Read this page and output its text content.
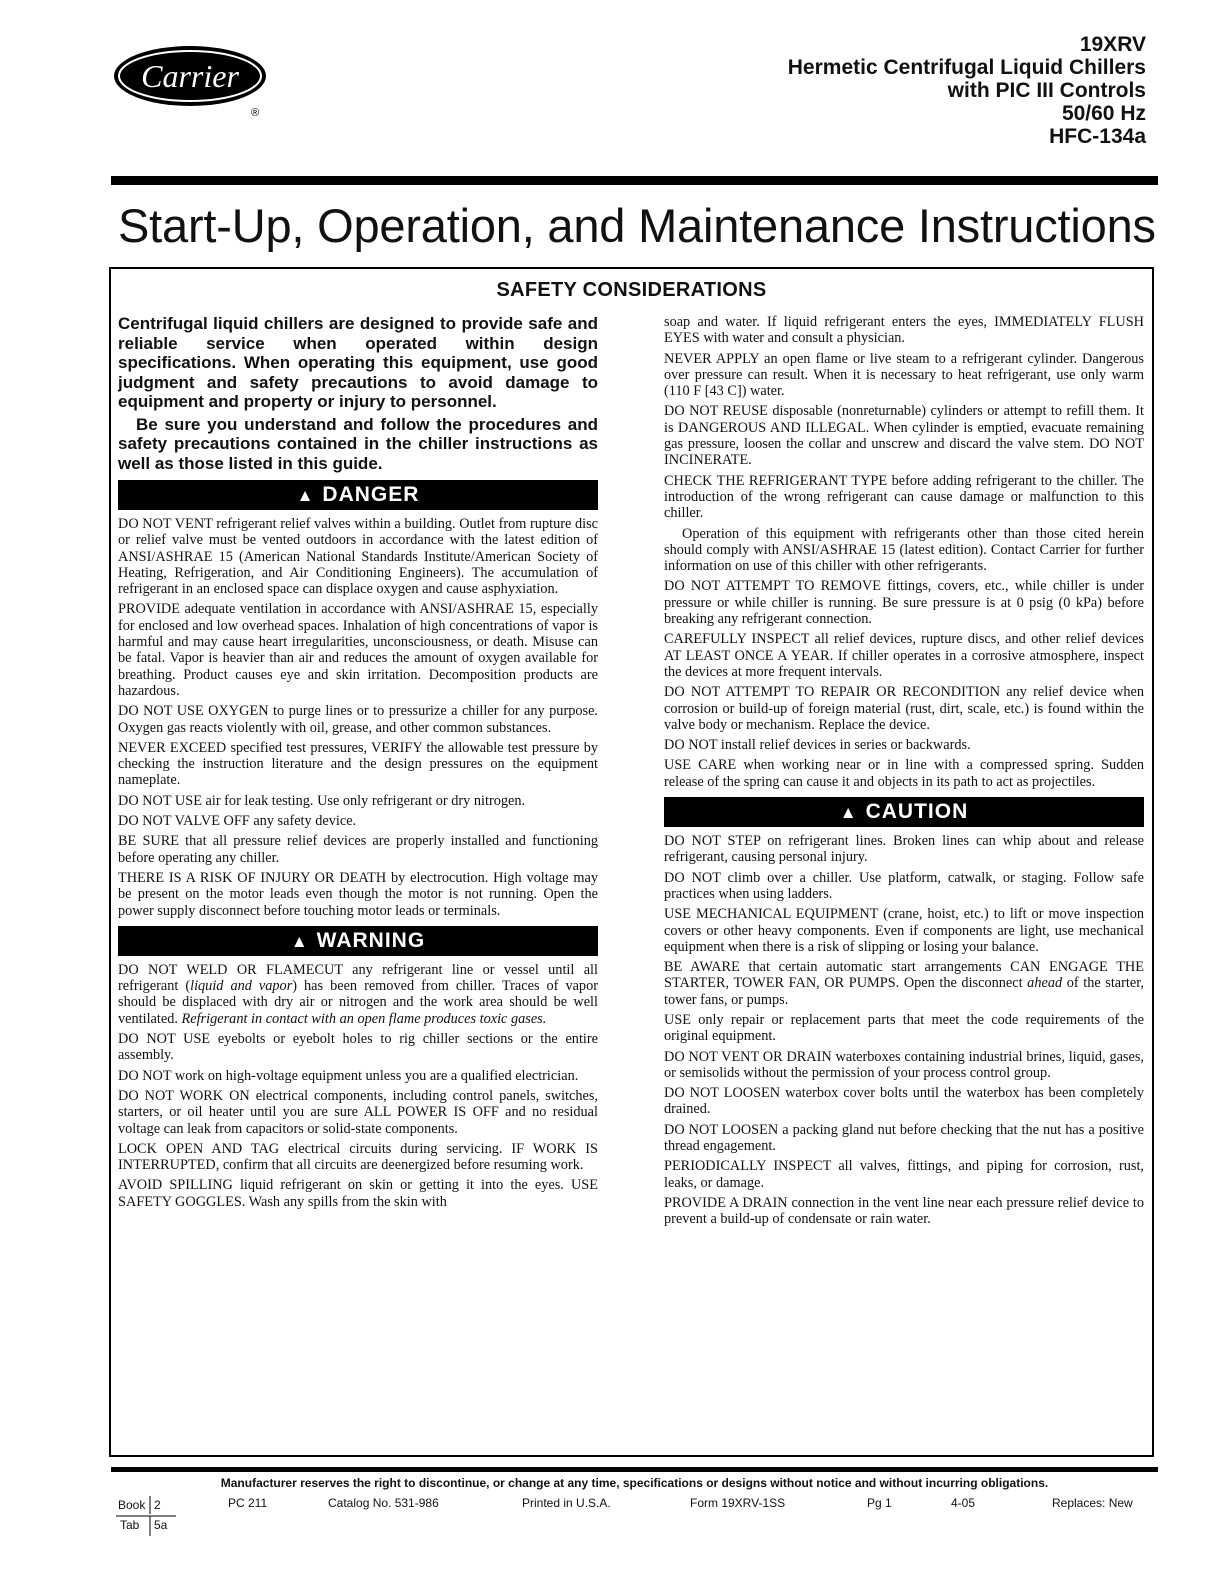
Carrier
®
19XRV
Hermetic Centrifugal Liquid Chillers
with PIC III Controls
50/60 Hz
HFC-134a
Start-Up, Operation, and Maintenance Instructions
SAFETY CONSIDERATIONS

Centrifugal liquid chillers are designed to provide safe and reliable service when operated within design specifications. When operating this equipment, use good judgment and safety precautions to avoid damage to equipment and property or injury to personnel.

Be sure you understand and follow the procedures and safety precautions contained in the chiller instructions as well as those listed in this guide.

▲ DANGER

DO NOT VENT refrigerant relief valves within a building. Outlet from rupture disc or relief valve must be vented outdoors in accordance with the latest edition of ANSI/ASHRAE 15 (American National Standards Institute/American Society of Heating, Refrigeration, and Air Conditioning Engineers). The accumulation of refrigerant in an enclosed space can displace oxygen and cause asphyxiation.

PROVIDE adequate ventilation in accordance with ANSI/ASHRAE 15, especially for enclosed and low overhead spaces. Inhalation of high concentrations of vapor is harmful and may cause heart irregularities, unconsciousness, or death. Misuse can be fatal. Vapor is heavier than air and reduces the amount of oxygen available for breathing. Product causes eye and skin irritation. Decomposition products are hazardous.

DO NOT USE OXYGEN to purge lines or to pressurize a chiller for any purpose. Oxygen gas reacts violently with oil, grease, and other common substances.

NEVER EXCEED specified test pressures, VERIFY the allowable test pressure by checking the instruction literature and the design pressures on the equipment nameplate.

DO NOT USE air for leak testing. Use only refrigerant or dry nitrogen.

DO NOT VALVE OFF any safety device.

BE SURE that all pressure relief devices are properly installed and functioning before operating any chiller.

THERE IS A RISK OF INJURY OR DEATH by electrocution. High voltage may be present on the motor leads even though the motor is not running. Open the power supply disconnect before touching motor leads or terminals.

▲ WARNING

DO NOT WELD OR FLAMECUT any refrigerant line or vessel until all refrigerant (liquid and vapor) has been removed from chiller. Traces of vapor should be displaced with dry air or nitrogen and the work area should be well ventilated. Refrigerant in contact with an open flame produces toxic gases.

DO NOT USE eyebolts or eyebolt holes to rig chiller sections or the entire assembly.

DO NOT work on high-voltage equipment unless you are a qualified electrician.

DO NOT WORK ON electrical components, including control panels, switches, starters, or oil heater until you are sure ALL POWER IS OFF and no residual voltage can leak from capacitors or solid-state components.

LOCK OPEN AND TAG electrical circuits during servicing. IF WORK IS INTERRUPTED, confirm that all circuits are deenergized before resuming work.

AVOID SPILLING liquid refrigerant on skin or getting it into the eyes. USE SAFETY GOGGLES. Wash any spills from the skin with

soap and water. If liquid refrigerant enters the eyes, IMMEDIATELY FLUSH EYES with water and consult a physician.

NEVER APPLY an open flame or live steam to a refrigerant cylinder. Dangerous over pressure can result. When it is necessary to heat refrigerant, use only warm (110 F [43 C]) water.

DO NOT REUSE disposable (nonreturnable) cylinders or attempt to refill them. It is DANGEROUS AND ILLEGAL. When cylinder is emptied, evacuate remaining gas pressure, loosen the collar and unscrew and discard the valve stem. DO NOT INCINERATE.

CHECK THE REFRIGERANT TYPE before adding refrigerant to the chiller. The introduction of the wrong refrigerant can cause damage or malfunction to this chiller.

Operation of this equipment with refrigerants other than those cited herein should comply with ANSI/ASHRAE 15 (latest edition). Contact Carrier for further information on use of this chiller with other refrigerants.

DO NOT ATTEMPT TO REMOVE fittings, covers, etc., while chiller is under pressure or while chiller is running. Be sure pressure is at 0 psig (0 kPa) before breaking any refrigerant connection.

CAREFULLY INSPECT all relief devices, rupture discs, and other relief devices AT LEAST ONCE A YEAR. If chiller operates in a corrosive atmosphere, inspect the devices at more frequent intervals.

DO NOT ATTEMPT TO REPAIR OR RECONDITION any relief device when corrosion or build-up of foreign material (rust, dirt, scale, etc.) is found within the valve body or mechanism. Replace the device.

DO NOT install relief devices in series or backwards.

USE CARE when working near or in line with a compressed spring. Sudden release of the spring can cause it and objects in its path to act as projectiles.

▲ CAUTION

DO NOT STEP on refrigerant lines. Broken lines can whip about and release refrigerant, causing personal injury.

DO NOT climb over a chiller. Use platform, catwalk, or staging. Follow safe practices when using ladders.

USE MECHANICAL EQUIPMENT (crane, hoist, etc.) to lift or move inspection covers or other heavy components. Even if components are light, use mechanical equipment when there is a risk of slipping or losing your balance.

BE AWARE that certain automatic start arrangements CAN ENGAGE THE STARTER, TOWER FAN, OR PUMPS. Open the disconnect ahead of the starter, tower fans, or pumps.

USE only repair or replacement parts that meet the code requirements of the original equipment.

DO NOT VENT OR DRAIN waterboxes containing industrial brines, liquid, gases, or semisolids without the permission of your process control group.

DO NOT LOOSEN waterbox cover bolts until the waterbox has been completely drained.

DO NOT LOOSEN a packing gland nut before checking that the nut has a positive thread engagement.

PERIODICALLY INSPECT all valves, fittings, and piping for corrosion, rust, leaks, or damage.

PROVIDE A DRAIN connection in the vent line near each pressure relief device to prevent a build-up of condensate or rain water.

Manufacturer reserves the right to discontinue, or change at any time, specifications or designs without notice and without incurring obligations.
Book 2
Tab 5a
PC 211	Catalog No. 531-986	Printed in U.S.A.	Form 19XRV-1SS	Pg 1	4-05	Replaces: New
